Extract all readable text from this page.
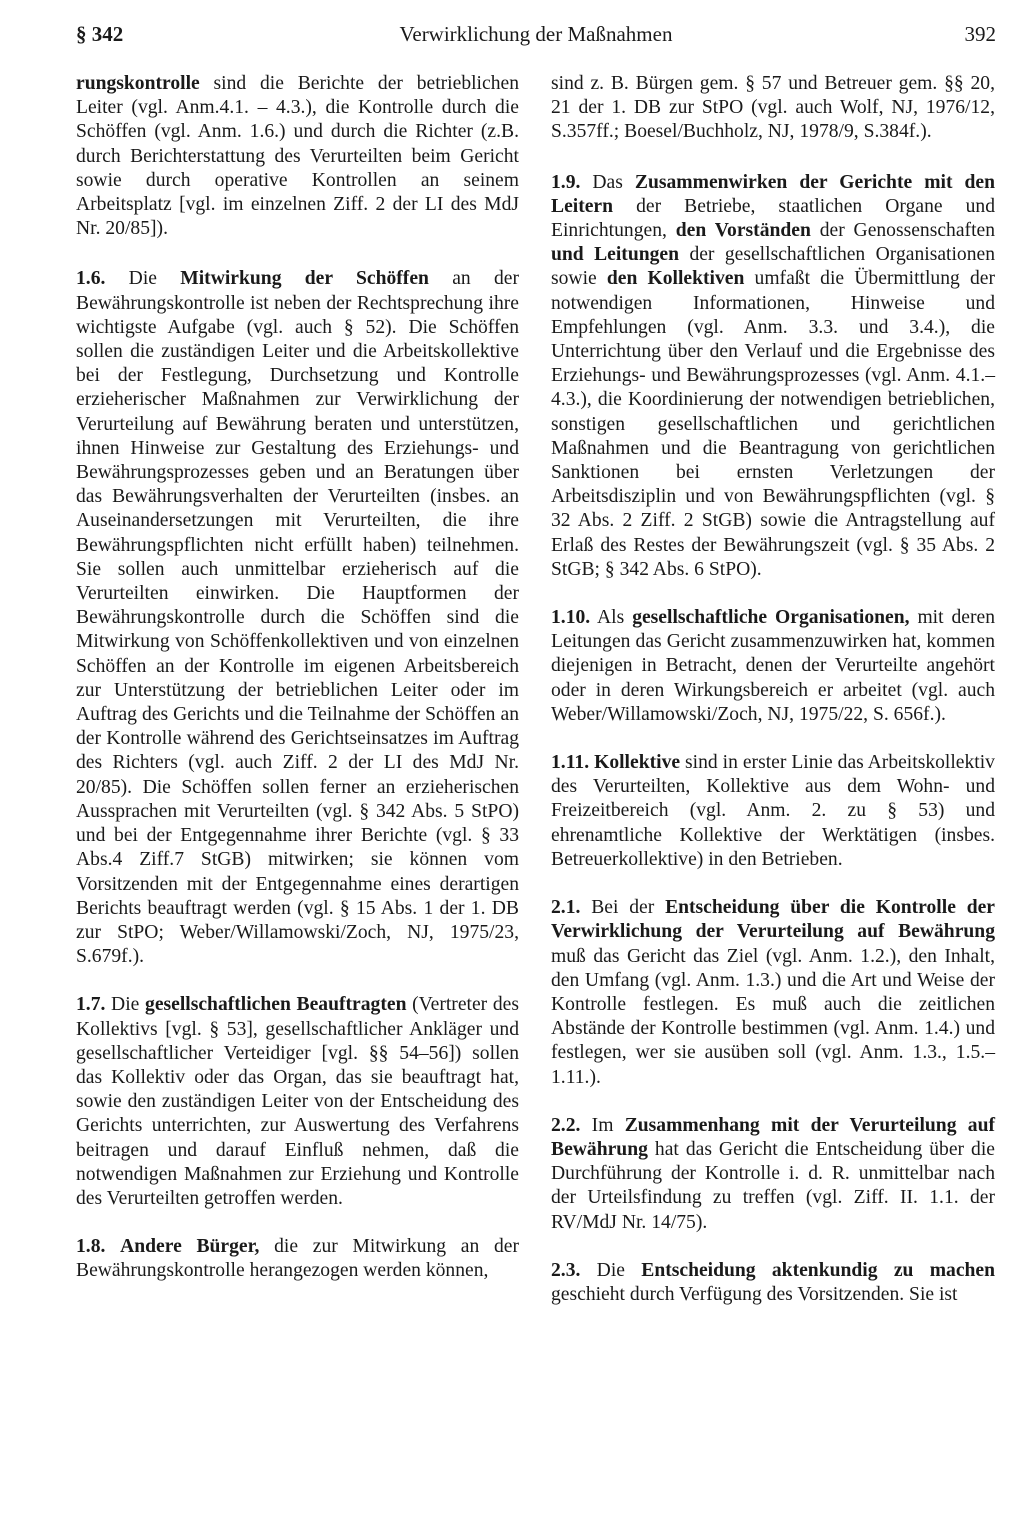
Verwirklichung der Maßnahmen
§ 342	392

rungskontrolle sind die Berichte der betrieblichen Leiter (vgl. Anm.4.1. – 4.3.), die Kontrolle durch die Schöffen (vgl. Anm. 1.6.) und durch die Richter (z.B. durch Berichterstattung des Verurteilten beim Gericht sowie durch operative Kontrollen an seinem Arbeitsplatz [vgl. im einzelnen Ziff. 2 der LI des MdJ Nr. 20/85]).

1.6. Die Mitwirkung der Schöffen an der Bewährungskontrolle ist neben der Rechtsprechung ihre wichtigste Aufgabe (vgl. auch § 52). Die Schöffen sollen die zuständigen Leiter und die Arbeitskollektive bei der Festlegung, Durchsetzung und Kontrolle erzieherischer Maßnahmen zur Verwirklichung der Verurteilung auf Bewährung beraten und unterstützen, ihnen Hinweise zur Gestaltung des Erziehungs- und Bewährungsprozesses geben und an Beratungen über das Bewährungsverhalten der Verurteilten (insbes. an Auseinandersetzungen mit Verurteilten, die ihre Bewährungspflichten nicht erfüllt haben) teilnehmen. Sie sollen auch unmittelbar erzieherisch auf die Verurteilten einwirken. Die Hauptformen der Bewährungskontrolle durch die Schöffen sind die Mitwirkung von Schöffenkollektiven und von einzelnen Schöffen an der Kontrolle im eigenen Arbeitsbereich zur Unterstützung der betrieblichen Leiter oder im Auftrag des Gerichts und die Teilnahme der Schöffen an der Kontrolle während des Gerichtseinsatzes im Auftrag des Richters (vgl. auch Ziff. 2 der LI des MdJ Nr. 20/85). Die Schöffen sollen ferner an erzieherischen Aussprachen mit Verurteilten (vgl. § 342 Abs. 5 StPO) und bei der Entgegennahme ihrer Berichte (vgl. § 33 Abs.4 Ziff.7 StGB) mitwirken; sie können vom Vorsitzenden mit der Entgegennahme eines derartigen Berichts beauftragt werden (vgl. § 15 Abs. 1 der 1. DB zur StPO; Weber/Willamowski/Zoch, NJ, 1975/23, S.679f.).

1.7. Die gesellschaftlichen Beauftragten (Vertreter des Kollektivs [vgl. § 53], gesellschaftlicher Ankläger und gesellschaftlicher Verteidiger [vgl. §§ 54–56]) sollen das Kollektiv oder das Organ, das sie beauftragt hat, sowie den zuständigen Leiter von der Entscheidung des Gerichts unterrichten, zur Auswertung des Verfahrens beitragen und darauf Einfluß nehmen, daß die notwendigen Maßnahmen zur Erziehung und Kontrolle des Verurteilten getroffen werden.

1.8. Andere Bürger, die zur Mitwirkung an der Bewährungskontrolle herangezogen werden können,

sind z. B. Bürgen gem. § 57 und Betreuer gem. §§ 20, 21 der 1. DB zur StPO (vgl. auch Wolf, NJ, 1976/12, S.357ff.; Boesel/Buchholz, NJ, 1978/9, S.384f.).

1.9. Das Zusammenwirken der Gerichte mit den Leitern der Betriebe, staatlichen Organe und Einrichtungen, den Vorständen der Genossenschaften und Leitungen der gesellschaftlichen Organisationen sowie den Kollektiven umfaßt die Übermittlung der notwendigen Informationen, Hinweise und Empfehlungen (vgl. Anm. 3.3. und 3.4.), die Unterrichtung über den Verlauf und die Ergebnisse des Erziehungs- und Bewährungsprozesses (vgl. Anm. 4.1.–4.3.), die Koordinierung der notwendigen betrieblichen, sonstigen gesellschaftlichen und gerichtlichen Maßnahmen und die Beantragung von gerichtlichen Sanktionen bei ernsten Verletzungen der Arbeitsdisziplin und von Bewährungspflichten (vgl. § 32 Abs. 2 Ziff. 2 StGB) sowie die Antragstellung auf Erlaß des Restes der Bewährungszeit (vgl. § 35 Abs. 2 StGB; § 342 Abs. 6 StPO).

1.10. Als gesellschaftliche Organisationen, mit deren Leitungen das Gericht zusammenzuwirken hat, kommen diejenigen in Betracht, denen der Verurteilte angehört oder in deren Wirkungsbereich er arbeitet (vgl. auch Weber/Willamowski/Zoch, NJ, 1975/22, S. 656f.).

1.11. Kollektive sind in erster Linie das Arbeitskollektiv des Verurteilten, Kollektive aus dem Wohn- und Freizeitbereich (vgl. Anm. 2. zu § 53) und ehrenamtliche Kollektive der Werktätigen (insbes. Betreuerkollektive) in den Betrieben.

2.1. Bei der Entscheidung über die Kontrolle der Verwirklichung der Verurteilung auf Bewährung muß das Gericht das Ziel (vgl. Anm. 1.2.), den Inhalt, den Umfang (vgl. Anm. 1.3.) und die Art und Weise der Kontrolle festlegen. Es muß auch die zeitlichen Abstände der Kontrolle bestimmen (vgl. Anm. 1.4.) und festlegen, wer sie ausüben soll (vgl. Anm. 1.3., 1.5.–1.11.).

2.2. Im Zusammenhang mit der Verurteilung auf Bewährung hat das Gericht die Entscheidung über die Durchführung der Kontrolle i. d. R. unmittelbar nach der Urteilsfindung zu treffen (vgl. Ziff. II. 1.1. der RV/MdJ Nr. 14/75).

2.3. Die Entscheidung aktenkundig zu machen geschieht durch Verfügung des Vorsitzenden. Sie ist
